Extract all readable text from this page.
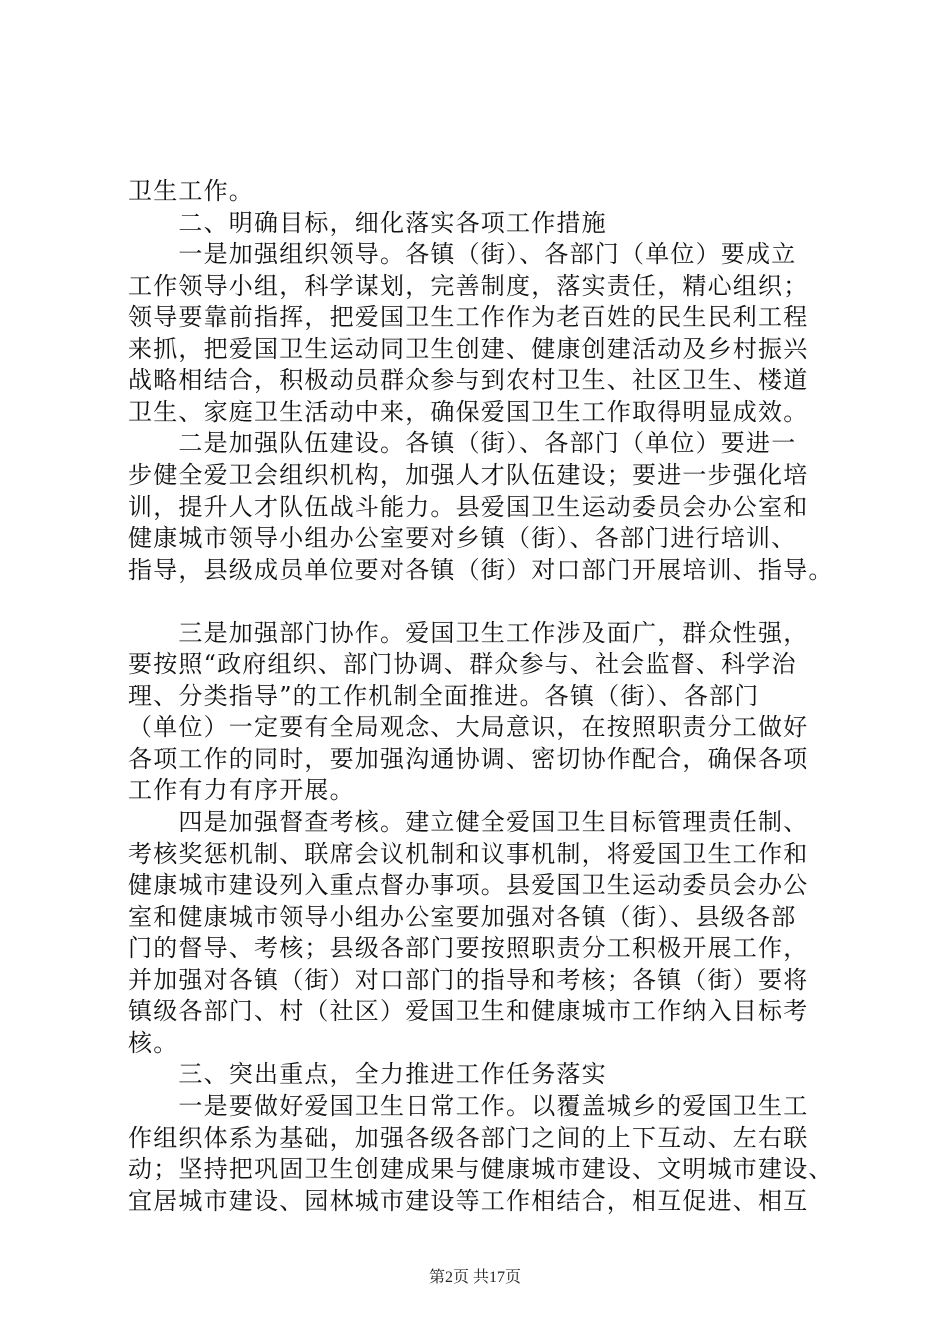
卫生工作。
　　二、明确目标，细化落实各项工作措施
　　一是加强组织领导。各镇（街）、各部门（单位）要成立
工作领导小组，科学谋划，完善制度，落实责任，精心组织；
领导要靠前指挥，把爱国卫生工作作为老百姓的民生民利工程
来抓，把爱国卫生运动同卫生创建、健康创建活动及乡村振兴
战略相结合，积极动员群众参与到农村卫生、社区卫生、楼道
卫生、家庭卫生活动中来，确保爱国卫生工作取得明显成效。
　　二是加强队伍建设。各镇（街）、各部门（单位）要进一
步健全爱卫会组织机构，加强人才队伍建设；要进一步强化培
训，提升人才队伍战斗能力。县爱国卫生运动委员会办公室和
健康城市领导小组办公室要对乡镇（街）、各部门进行培训、
指导，县级成员单位要对各镇（街）对口部门开展培训、指导。
　　三是加强部门协作。爱国卫生工作涉及面广，群众性强，
要按照“政府组织、部门协调、群众参与、社会监督、科学治
理、分类指导”的工作机制全面推进。各镇（街）、各部门
（单位）一定要有全局观念、大局意识，在按照职责分工做好
各项工作的同时，要加强沟通协调、密切协作配合，确保各项
工作有力有序开展。
　　四是加强督查考核。建立健全爱国卫生目标管理责任制、
考核奖惩机制、联席会议机制和议事机制，将爱国卫生工作和
健康城市建设列入重点督办事项。县爱国卫生运动委员会办公
室和健康城市领导小组办公室要加强对各镇（街）、县级各部
门的督导、考核；县级各部门要按照职责分工积极开展工作，
并加强对各镇（街）对口部门的指导和考核；各镇（街）要将
镇级各部门、村（社区）爱国卫生和健康城市工作纳入目标考
核。
　　三、突出重点，全力推进工作任务落实
　　一是要做好爱国卫生日常工作。以覆盖城乡的爱国卫生工
作组织体系为基础，加强各级各部门之间的上下互动、左右联
动；坚持把巩固卫生创建成果与健康城市建设、文明城市建设、
宜居城市建设、园林城市建设等工作相结合，相互促进、相互
第2页 共17页
